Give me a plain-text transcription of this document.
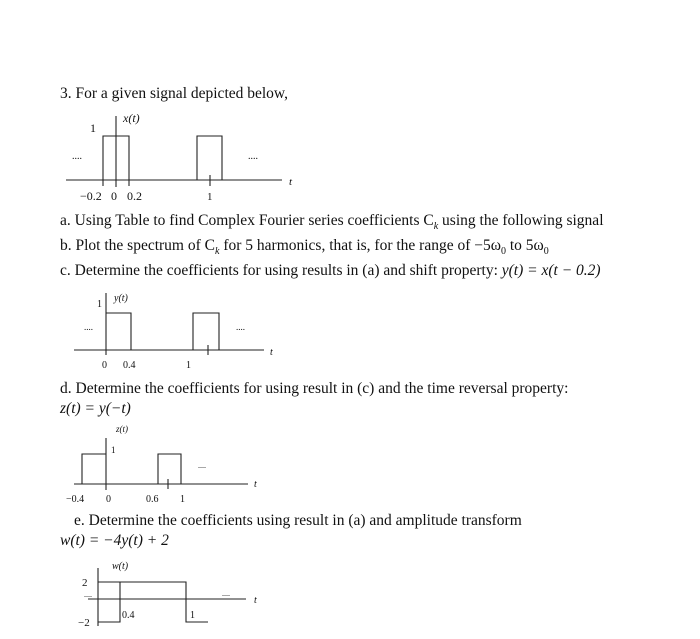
3. For a given signal depicted below,
a. Using Table to find Complex Fourier series coefficients $C_k$ using the following signal
b. Plot the spectrum of $C_k$ for 5 harmonics, that is, for the range of $-5\omega_0$ to $5\omega_0$
c. Determine the coefficients for using results in (a) and shift property: y(t) = x(t − 0.2)
d. Determine the coefficients for using result in (c) and the time reversal property:
z(t) = y(−t)
e. Determine the coefficients using result in (a) and amplitude transform
w(t) = −4y(t) + 2
x(t)
1
....	....
t
−0.2 0 0.2	1
y(t)
1
....	....
t
0 0.4	1
z(t)
1
....
t
−0.4 0	0.6 1
w(t)
2
−2
....	....
t
0.4	1
